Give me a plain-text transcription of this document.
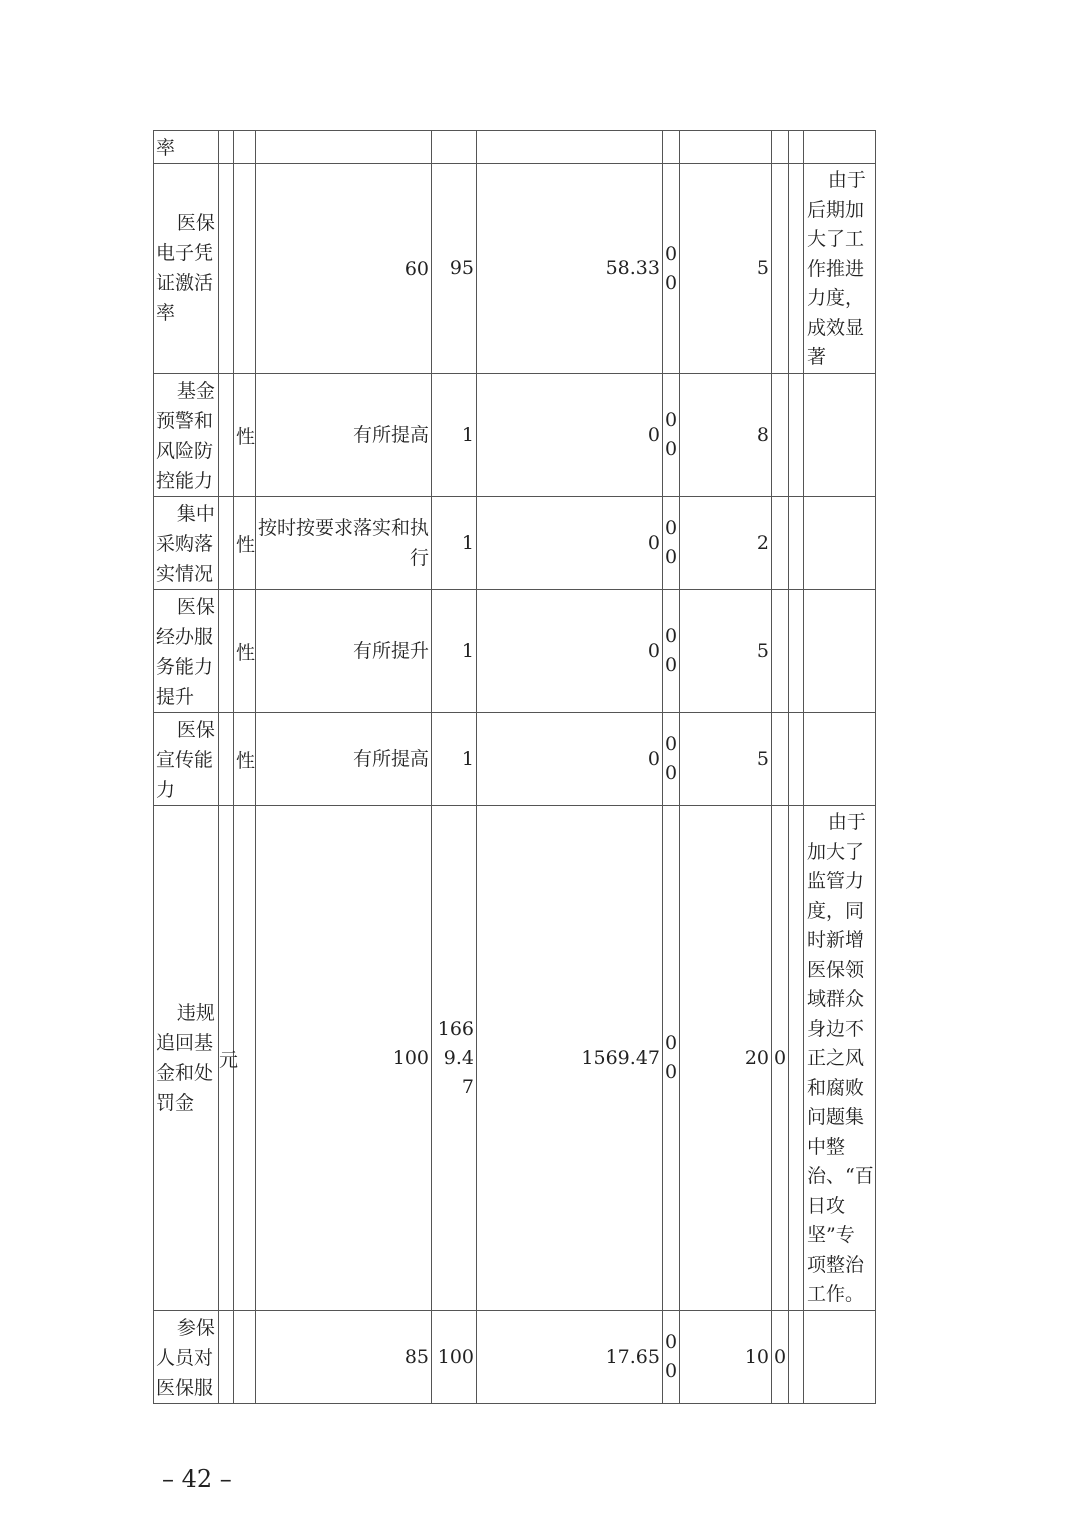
率										
医保电子凭证激活率			60	95	58.33	00	5			由于后期加大了工作推进力度，成效显著
基金预警和风险防控能力		性	有所提高	1	0	00	8			
集中采购落实情况		性	按时按要求落实和执行	1	0	00	2			
医保经办服务能力提升		性	有所提升	1	0	00	5			
医保宣传能力		性	有所提高	1	0	00	5			
违规追回基金和处罚金	元		100	1669.47	1569.47	00	20	0		由于加大了监管力度，同时新增医保领域群众身边不正之风和腐败问题集中整治、“百日攻坚”专项整治工作。
参保人员对医保服			85	100	17.65	00	10	0		
– 42 –
